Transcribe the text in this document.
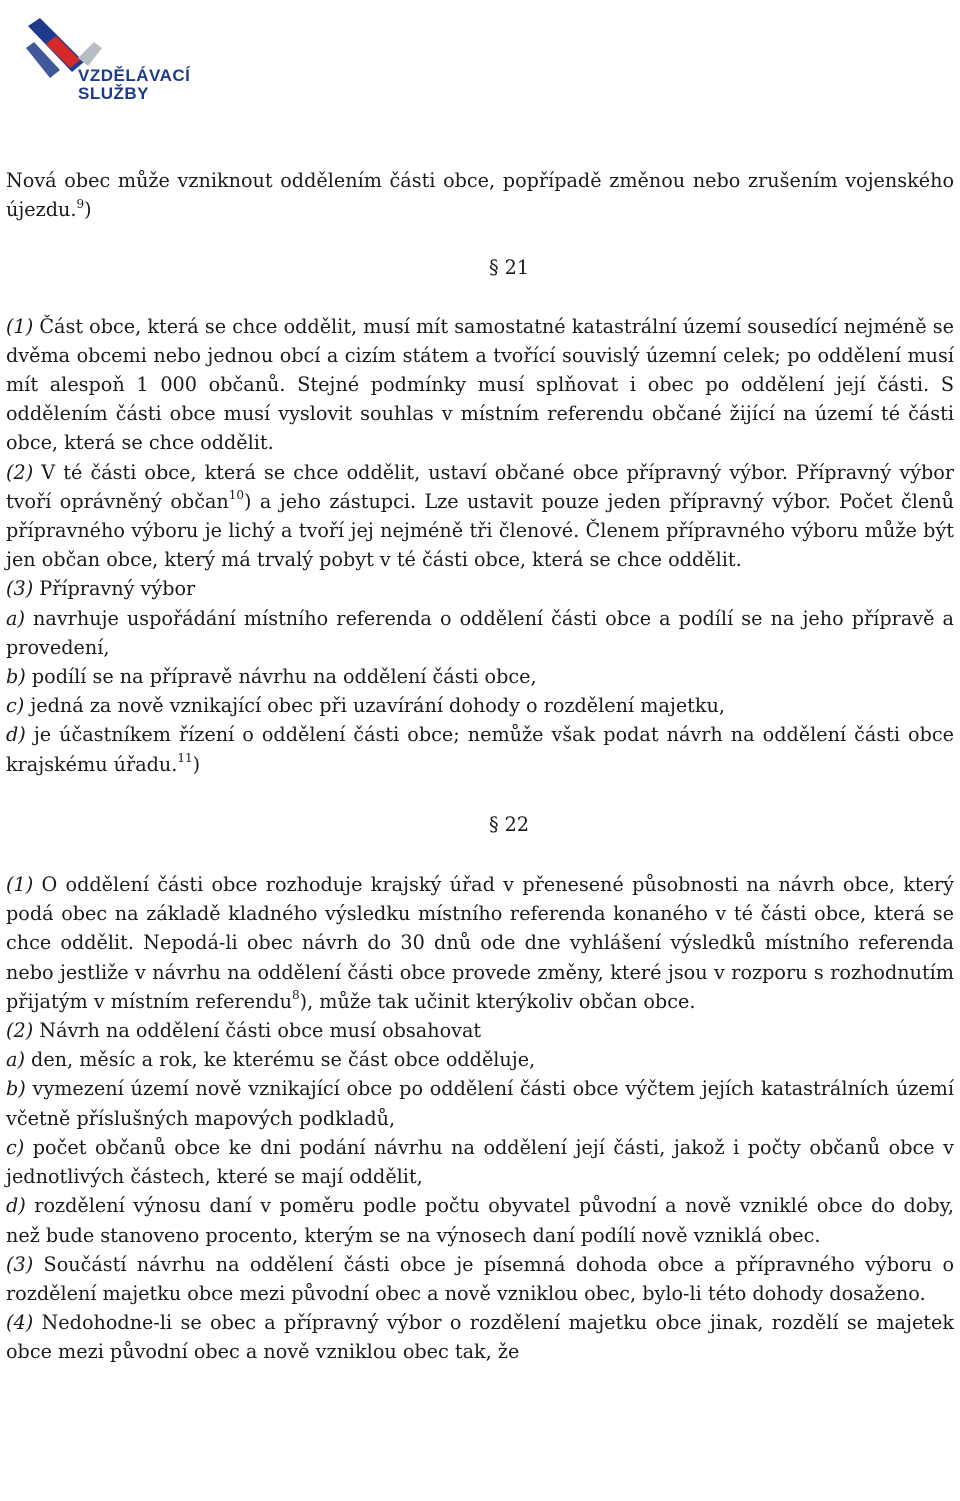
VZDĚLÁVACÍ
SLUŽBY

Nová obec může vzniknout oddělením části obce, popřípadě změnou nebo zrušením vojenského újezdu.$^9$)

§ 21

(1) Část obce, která se chce oddělit, musí mít samostatné katastrální území sousedící nejméně se dvěma obcemi nebo jednou obcí a cizím státem a tvořící souvislý územní celek; po oddělení musí mít alespoň 1 000 občanů. Stejné podmínky musí splňovat i obec po oddělení její části. S oddělením části obce musí vyslovit souhlas v místním referendu občané žijící na území té části obce, která se chce oddělit.

(2) V té části obce, která se chce oddělit, ustaví občané obce přípravný výbor. Přípravný výbor tvoří oprávněný občan$^{10}$) a jeho zástupci. Lze ustavit pouze jeden přípravný výbor. Počet členů přípravného výboru je lichý a tvoří jej nejméně tři členové. Členem přípravného výboru může být jen občan obce, který má trvalý pobyt v té části obce, která se chce oddělit.

(3) Přípravný výbor

a) navrhuje uspořádání místního referenda o oddělení části obce a podílí se na jeho přípravě a provedení,

b) podílí se na přípravě návrhu na oddělení části obce,

c) jedná za nově vznikající obec při uzavírání dohody o rozdělení majetku,

d) je účastníkem řízení o oddělení části obce; nemůže však podat návrh na oddělení části obce krajskému úřadu.$^{11}$)

§ 22

(1) O oddělení části obce rozhoduje krajský úřad v přenesené působnosti na návrh obce, který podá obec na základě kladného výsledku místního referenda konaného v té části obce, která se chce oddělit. Nepodá-li obec návrh do 30 dnů ode dne vyhlášení výsledků místního referenda nebo jestliže v návrhu na oddělení části obce provede změny, které jsou v rozporu s rozhodnutím přijatým v místním referendu$^8$), může tak učinit kterýkoliv občan obce.

(2) Návrh na oddělení části obce musí obsahovat

a) den, měsíc a rok, ke kterému se část obce odděluje,

b) vymezení území nově vznikající obce po oddělení části obce výčtem jejích katastrálních území včetně příslušných mapových podkladů,

c) počet občanů obce ke dni podání návrhu na oddělení její části, jakož i počty občanů obce v jednotlivých částech, které se mají oddělit,

d) rozdělení výnosu daní v poměru podle počtu obyvatel původní a nově vzniklé obce do doby, než bude stanoveno procento, kterým se na výnosech daní podílí nově vzniklá obec.

(3) Součástí návrhu na oddělení části obce je písemná dohoda obce a přípravného výboru o rozdělení majetku obce mezi původní obec a nově vzniklou obec, bylo-li této dohody dosaženo.

(4) Nedohodne-li se obec a přípravný výbor o rozdělení majetku obce jinak, rozdělí se majetek obce mezi původní obec a nově vzniklou obec tak, že
